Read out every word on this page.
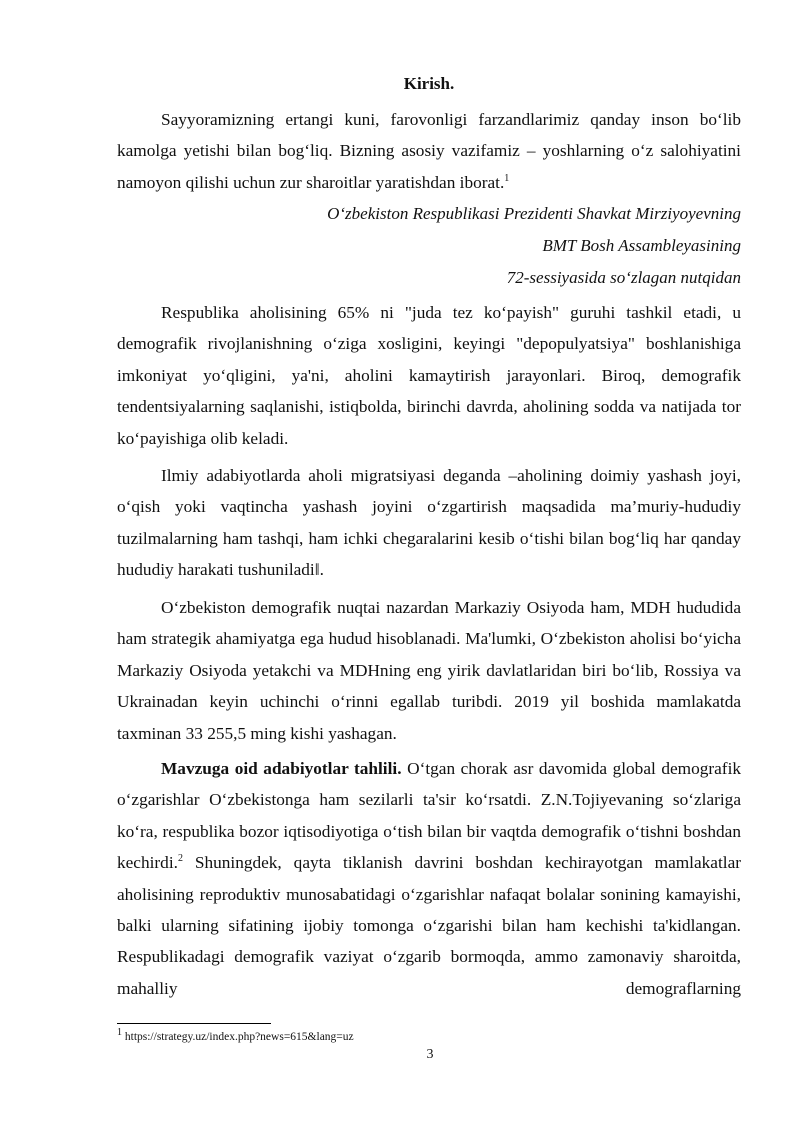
Kirish.

Sayyoramizning ertangi kuni, farovonligi farzandlarimiz qanday inson bo‘lib kamolga yetishi bilan bog‘liq. Bizning asosiy vazifamiz – yoshlarning o‘z salohiyatini namoyon qilishi uchun zur sharoitlar yaratishdan iborat.$^1$

O‘zbekiston Respublikasi Prezidenti Shavkat Mirziyoyevning
BMT Bosh Assambleyasining
72-sessiyasida so‘zlagan nutqidan

Respublika aholisining 65% ni "juda tez ko‘payish" guruhi tashkil etadi, u demografik rivojlanishning o‘ziga xosligini, keyingi "depopulyatsiya" boshlanishiga imkoniyat yo‘qligini, ya'ni, aholini kamaytirish jarayonlari. Biroq, demografik tendentsiyalarning saqlanishi, istiqbolda, birinchi davrda, aholining sodda va natijada tor ko‘payishiga olib keladi.

Ilmiy adabiyotlarda aholi migratsiyasi deganda –aholining doimiy yashash joyi, o‘qish yoki vaqtincha yashash joyini o‘zgartirish maqsadida ma’muriy-hududiy tuzilmalarning ham tashqi, ham ichki chegaralarini kesib o‘tishi bilan bog‘liq har qanday hududiy harakati tushuniladi‖.

O‘zbekiston demografik nuqtai nazardan Markaziy Osiyoda ham, MDH hududida ham strategik ahamiyatga ega hudud hisoblanadi. Ma'lumki, O‘zbekiston aholisi bo‘yicha Markaziy Osiyoda yetakchi va MDHning eng yirik davlatlaridan biri bo‘lib, Rossiya va Ukrainadan keyin uchinchi o‘rinni egallab turibdi. 2019 yil boshida mamlakatda taxminan 33 255,5 ming kishi yashagan.

Mavzuga oid adabiyotlar tahlili. O‘tgan chorak asr davomida global demografik o‘zgarishlar O‘zbekistonga ham sezilarli ta'sir ko‘rsatdi. Z.N.Tojiyevaning so‘zlariga ko‘ra, respublika bozor iqtisodiyotiga o‘tish bilan bir vaqtda demografik o‘tishni boshdan kechirdi.$^2$ Shuningdek, qayta tiklanish davrini boshdan kechirayotgan mamlakatlar aholisining reproduktiv munosabatidagi o‘zgarishlar nafaqat bolalar sonining kamayishi, balki ularning sifatining ijobiy tomonga o‘zgarishi bilan ham kechishi ta'kidlangan. Respublikadagi demografik vaziyat o‘zgarib bormoqda, ammo zamonaviy sharoitda, mahalliy demograflarning

$^1$ https://strategy.uz/index.php?news=615&lang=uz
3
